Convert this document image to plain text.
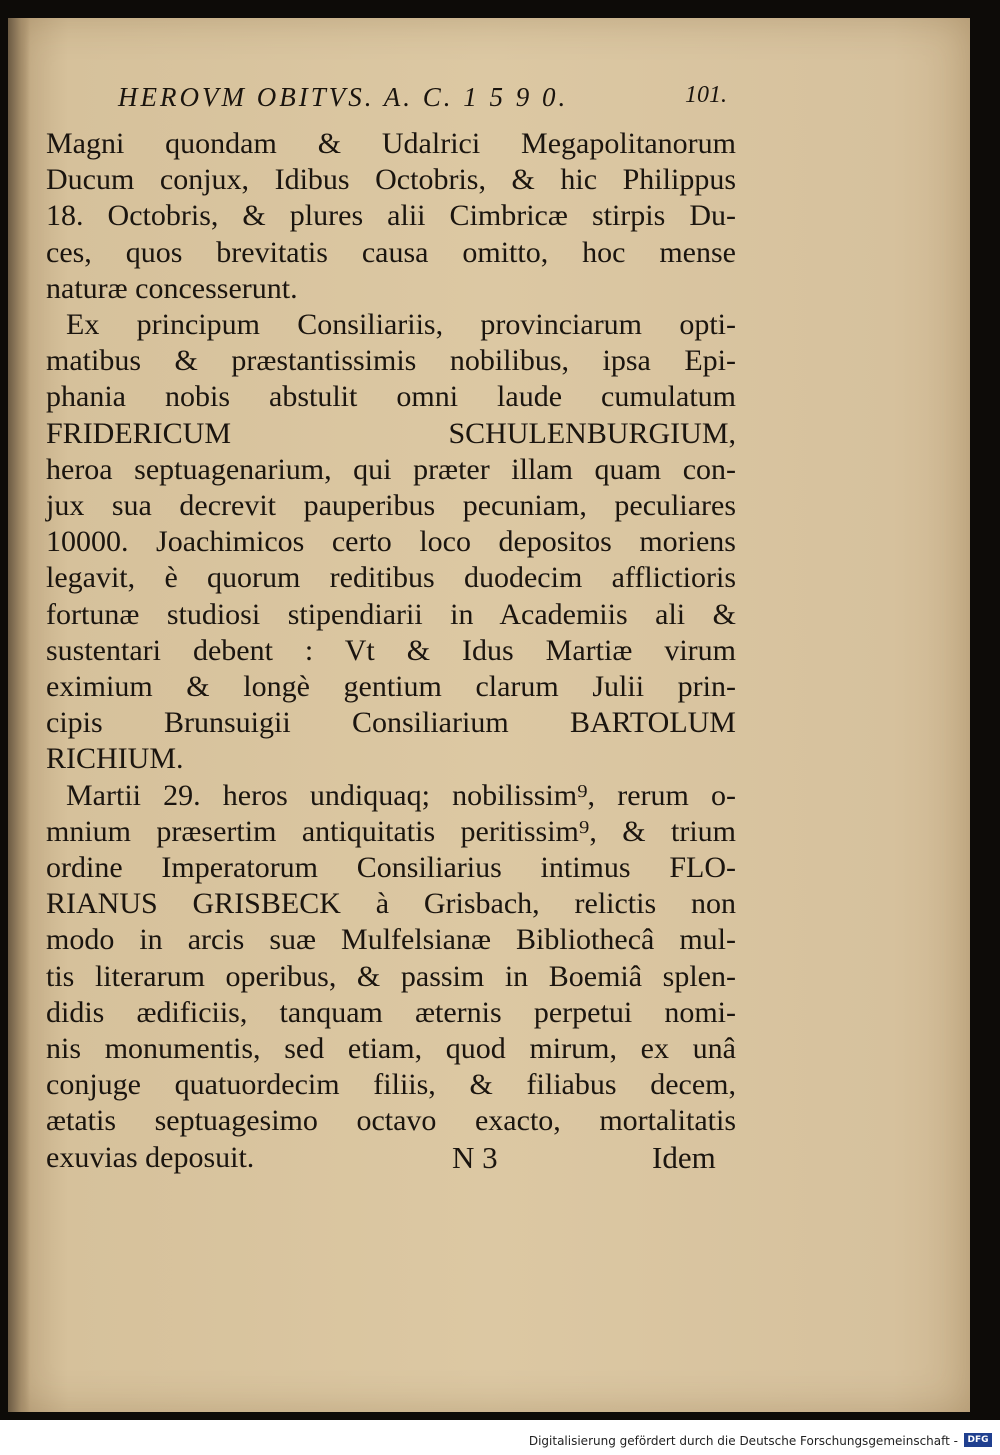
HEROVM OBITVS. A. C. 1 5 9 0.	101.
Magni quondam & Udalrici Megapolitanorum
Ducum conjux, Idibus Octobris, & hic Philippus
18. Octobris, & plures alii Cimbricæ stirpis Du-
ces, quos brevitatis causa omitto, hoc mense
naturæ concesserunt.
Ex principum Consiliariis, provinciarum opti-
matibus & præstantissimis nobilibus, ipsa Epi-
phania nobis abstulit omni laude cumulatum
FRIDERICUM SCHULENBURGIUM,
heroa septuagenarium, qui præter illam quam con-
jux sua decrevit pauperibus pecuniam, peculiares
10000. Joachimicos certo loco depositos moriens
legavit, è quorum reditibus duodecim afflictioris
fortunæ studiosi stipendiarii in Academiis ali &
sustentari debent : Vt & Idus Martiæ virum
eximium & longè gentium clarum Julii prin-
cipis Brunsuigii Consiliarium BARTOLUM
RICHIUM.
Martii 29. heros undiquaq; nobilissim⁹, rerum o-
mnium præsertim antiquitatis peritissim⁹, & trium
ordine Imperatorum Consiliarius intimus FLO-
RIANUS GRISBECK à Grisbach, relictis non
modo in arcis suæ Mulfelsianæ Bibliothecâ mul-
tis literarum operibus, & passim in Boemiâ splen-
didis ædificiis, tanquam æternis perpetui nomi-
nis monumentis, sed etiam, quod mirum, ex unâ
conjuge quatuordecim filiis, & filiabus decem,
ætatis septuagesimo octavo exacto, mortalitatis
exuvias deposuit.	N 3	Idem
Digitalisierung gefördert durch die Deutsche Forschungsgemeinschaft -	DFG
